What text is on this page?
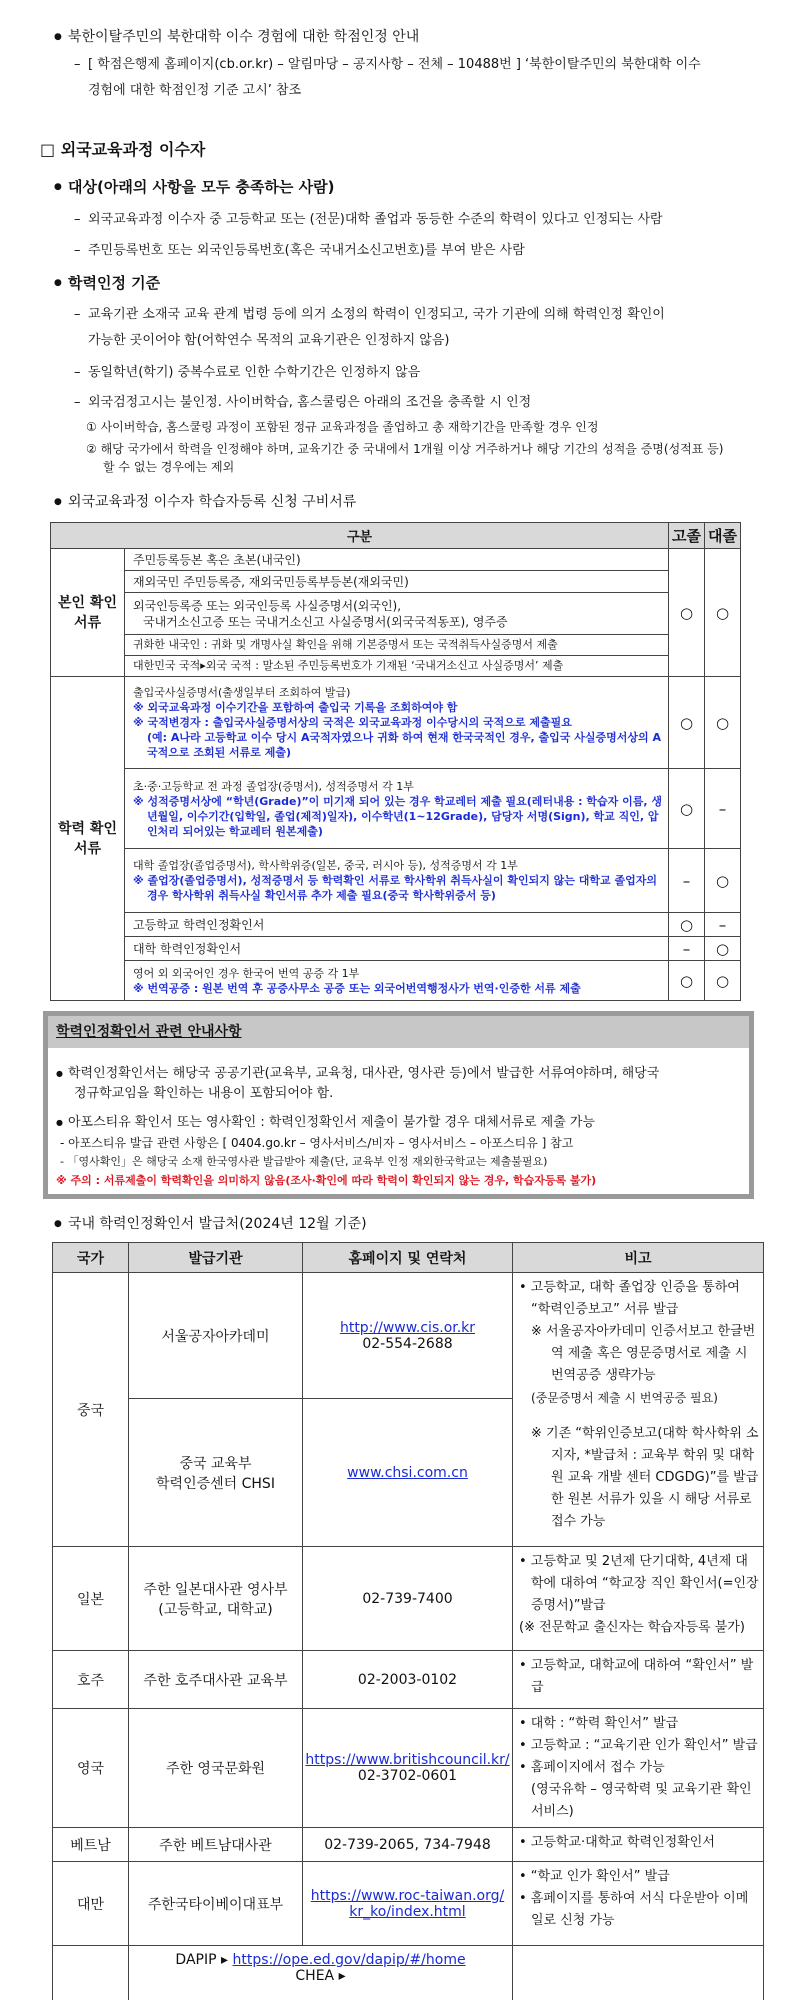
● 북한이탈주민의 북한대학 이수 경험에 대한 학점인정 안내
– [ 학점은행제 홈페이지(cb.or.kr) – 알림마당 – 공지사항 – 전체 – 10488번 ] ‘북한이탈주민의 북한대학 이수
경험에 대한 학점인정 기준 고시’ 참조
□ 외국교육과정 이수자
● 대상(아래의 사항을 모두 충족하는 사람)
– 외국교육과정 이수자 중 고등학교 또는 (전문)대학 졸업과 동등한 수준의 학력이 있다고 인정되는 사람
– 주민등록번호 또는 외국인등록번호(혹은 국내거소신고번호)를 부여 받은 사람
● 학력인정 기준
– 교육기관 소재국 교육 관계 법령 등에 의거 소정의 학력이 인정되고, 국가 기관에 의해 학력인정 확인이
가능한 곳이어야 함(어학연수 목적의 교육기관은 인정하지 않음)
– 동일학년(학기) 중복수료로 인한 수학기간은 인정하지 않음
– 외국검정고시는 불인정. 사이버학습, 홈스쿨링은 아래의 조건을 충족할 시 인정
① 사이버학습, 홈스쿨링 과정이 포함된 정규 교육과정을 졸업하고 총 재학기간을 만족할 경우 인정
② 해당 국가에서 학력을 인정해야 하며, 교육기간 중 국내에서 1개월 이상 거주하거나 해당 기간의 성적을 증명(성적표 등)
할 수 없는 경우에는 제외
● 외국교육과정 이수자 학습자등록 신청 구비서류
구분		고졸	대졸
본인 확인 서류	주민등록등본 혹은 초본(내국인)	○	○

	재외국민 주민등록증, 재외국민등록부등본(재외국민)		

	외국인등록증 또는 외국인등록 사실증명서(외국인),
국내거소신고증 또는 국내거소신고 사실증명서(외국국적동포), 영주증		

	귀화한 내국인 : 귀화 및 개명사실 확인을 위해 기본증명서 또는 국적취득사실증명서 제출		

	대한민국 국적▸외국 국적 : 말소된 주민등록번호가 기재된 ‘국내거소신고 사실증명서’ 제출		

학력 확인 서류	출입국사실증명서(출생일부터 조회하여 발급)
※ 외국교육과정 이수기간을 포함하여 출입국 기록을 조회하여야 함
※ 국적변경자 : 출입국사실증명서상의 국적은 외국교육과정 이수당시의 국적으로 제출필요
(예: A나라 고등학교 이수 당시 A국적자였으나 귀화 하여 현재 한국국적인 경우, 출입국 사실증명서상의 A국적으로 조회된 서류로 제출)	○	○

	초·중·고등학교 전 과정 졸업장(증명서), 성적증명서 각 1부
※ 성적증명서상에 “학년(Grade)”이 미기재 되어 있는 경우 학교레터 제출 필요(레터내용 : 학습자 이름, 생년월일, 이수기간(입학일, 졸업(제적)일자), 이수학년(1~12Grade), 담당자 서명(Sign), 학교 직인, 압인처리 되어있는 학교레터 원본제출)	○	–

	대학 졸업장(졸업증명서), 학사학위증(일본, 중국, 러시아 등), 성적증명서 각 1부
※ 졸업장(졸업증명서), 성적증명서 등 학력확인 서류로 학사학위 취득사실이 확인되지 않는 대학교 졸업자의 경우 학사학위 취득사실 확인서류 추가 제출 필요(중국 학사학위증서 등)	–	○

	고등학교 학력인정확인서	○	–

	대학 학력인정확인서	–	○

	영어 외 외국어인 경우 한국어 번역 공증 각 1부
※ 번역공증 : 원본 번역 후 공증사무소 공증 또는 외국어번역행정사가 번역·인증한 서류 제출	○	○
학력인정확인서 관련 안내사항
● 학력인정확인서는 해당국 공공기관(교육부, 교육청, 대사관, 영사관 등)에서 발급한 서류여야하며, 해당국
정규학교임을 확인하는 내용이 포함되어야 함.
● 아포스티유 확인서 또는 영사확인 : 학력인정확인서 제출이 불가할 경우 대체서류로 제출 가능
- 아포스티유 발급 관련 사항은 [ 0404.go.kr – 영사서비스/비자 – 영사서비스 – 아포스티유 ] 참고
- 「영사확인」은 해당국 소재 한국영사관 발급받아 제출(단, 교육부 인정 재외한국학교는 제출불필요)
※ 주의 : 서류제출이 학력확인을 의미하지 않음(조사·확인에 따라 학력이 확인되지 않는 경우, 학습자등록 불가)
● 국내 학력인정확인서 발급처(2024년 12월 기준)
국가	발급기관	홈페이지 및 연락처	비고
중국	서울공자아카데미	http://www.cis.or.kr
02-554-2688	• 고등학교, 대학 졸업장 인증을 통하여 “학력인증보고” 서류 발급
※ 서울공자아카데미 인증서보고 한글번역 제출 혹은 영문증명서로 제출 시 번역공증 생략가능
(중문증명서 제출 시 번역공증 필요)
※ 기존 “학위인증보고(대학 학사학위 소지자, *발급처 : 교육부 학위 및 대학원 교육 개발 센터 CDGDG)”를 발급한 원본 서류가 있을 시 해당 서류로 접수 가능

	중국 교육부
학력인증센터 CHSI	www.chsi.com.cn	
일본	주한 일본대사관 영사부
(고등학교, 대학교)	02-739-7400	• 고등학교 및 2년제 단기대학, 4년제 대학에 대하여 “학교장 직인 확인서(=인장증명서)”발급
(※ 전문학교 출신자는 학습자등록 불가)

호주	주한 호주대사관 교육부	02-2003-0102	• 고등학교, 대학교에 대하여 “확인서” 발급

영국	주한 영국문화원	https://www.britishcouncil.kr/
02-3702-0601	• 대학 : “학력 확인서” 발급
• 고등학교 : “교육기관 인가 확인서” 발급
• 홈페이지에서 접수 가능
(영국유학 – 영국학력 및 교육기관 확인서비스)

베트남	주한 베트남대사관	02-739-2065, 734-7948	• 고등학교·대학교 학력인정확인서

대만	주한국타이베이대표부	https://www.roc-taiwan.org/kr_ko/index.html	• “학교 인가 확인서” 발급
• 홈페이지를 통하여 서식 다운받아 이메일로 신청 가능

	DAPIP ▸ https://ope.ed.gov/dapip/#/home
CHEA ▸		
